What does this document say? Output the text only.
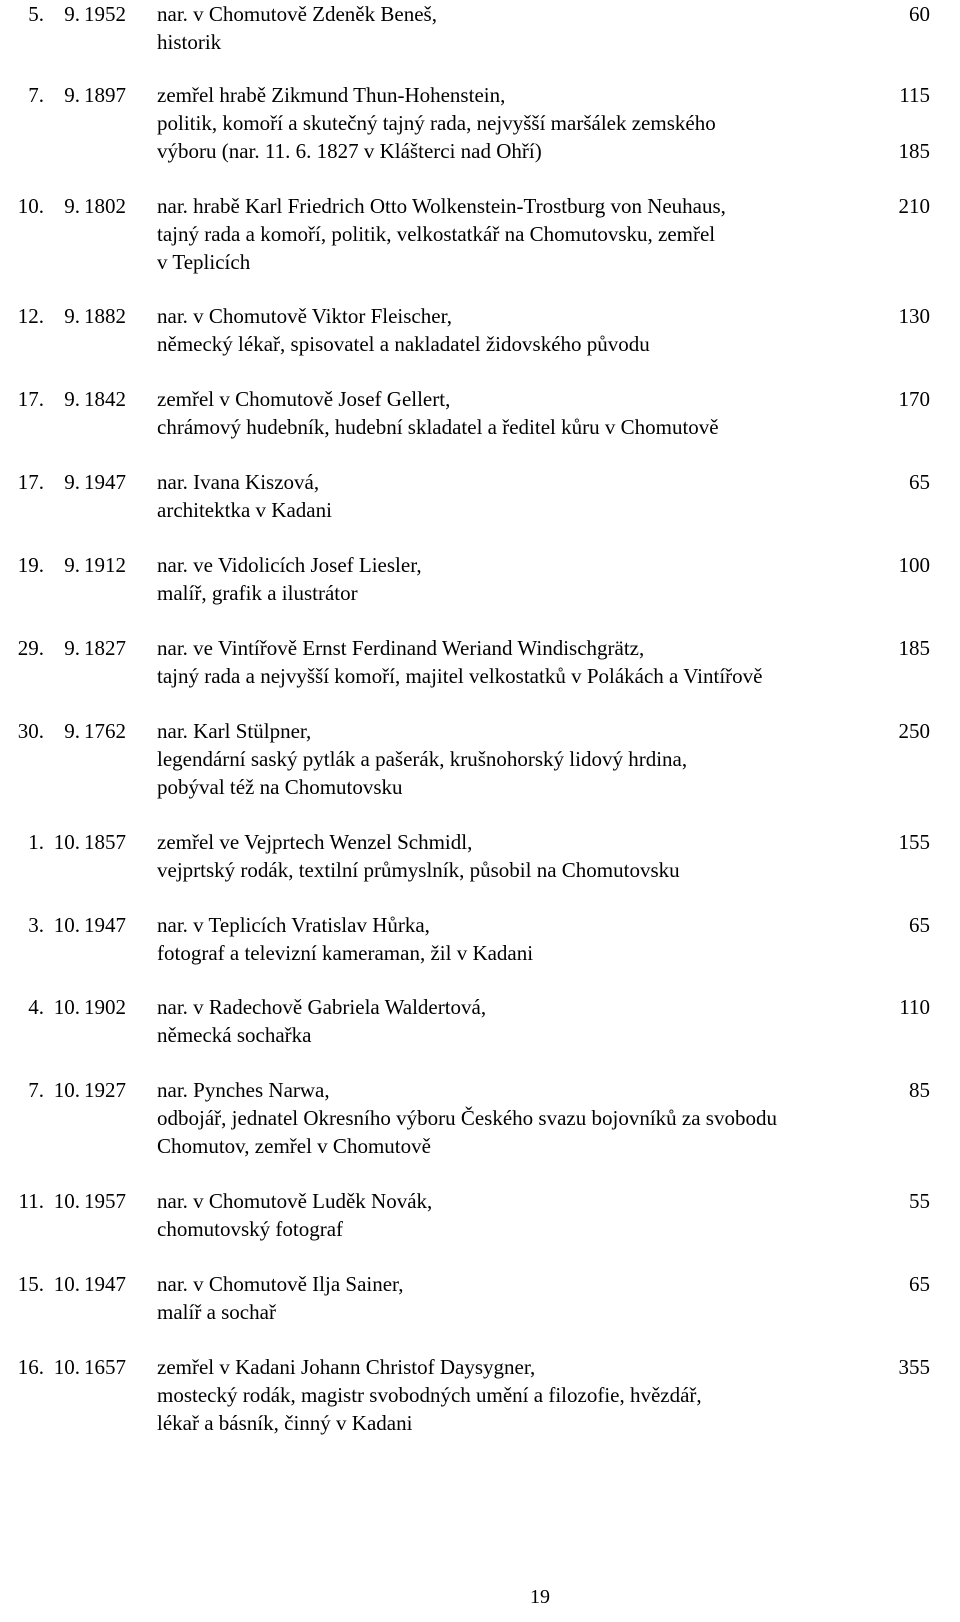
5. 9. 1952 nar. v Chomutově Zdeněk Beneš,
historik
60
7. 9. 1897 zemřel hrabě Zikmund Thun-Hohenstein,
politik, komoří a skutečný tajný rada, nejvyšší maršálek zemského
výboru (nar. 11. 6. 1827 v Klášterci nad Ohří)
115
185
10. 9. 1802 nar. hrabě Karl Friedrich Otto Wolkenstein-Trostburg von Neuhaus,
tajný rada a komoří, politik, velkostatkář na Chomutovsku, zemřel
v Teplicích
210
12. 9. 1882 nar. v Chomutově Viktor Fleischer,
německý lékař, spisovatel a nakladatel židovského původu
130
17. 9. 1842 zemřel v Chomutově Josef Gellert,
chrámový hudebník, hudební skladatel a ředitel kůru v Chomutově
170
17. 9. 1947 nar. Ivana Kiszová,
architektka v Kadani
65
19. 9. 1912 nar. ve Vidolicích Josef Liesler,
malíř, grafik a ilustrátor
100
29. 9. 1827 nar. ve Vintířově Ernst Ferdinand Weriand Windischgrätz,
tajný rada a nejvyšší komoří, majitel velkostatků v Polákách a Vintířově
185
30. 9. 1762 nar. Karl Stülpner,
legendární saský pytlák a pašerák, krušnohorský lidový hrdina,
pobýval též na Chomutovsku
250
1. 10. 1857 zemřel ve Vejprtech Wenzel Schmidl,
vejprtský rodák, textilní průmyslník, působil na Chomutovsku
155
3. 10. 1947 nar. v Teplicích Vratislav Hůrka,
fotograf a televizní kameraman, žil v Kadani
65
4. 10. 1902 nar. v Radechově Gabriela Waldertová,
německá sochařka
110
7. 10. 1927 nar. Pynches Narwa,
odbojář, jednatel Okresního výboru Českého svazu bojovníků za svobodu
Chomutov, zemřel v Chomutově
85
11. 10. 1957 nar. v Chomutově Luděk Novák,
chomutovský fotograf
55
15. 10. 1947 nar. v Chomutově Ilja Sainer,
malíř a sochař
65
16. 10. 1657 zemřel v Kadani Johann Christof Daysygner,
mostecký rodák, magistr svobodných umění a filozofie, hvězdář,
lékař a básník, činný v Kadani
355
19
